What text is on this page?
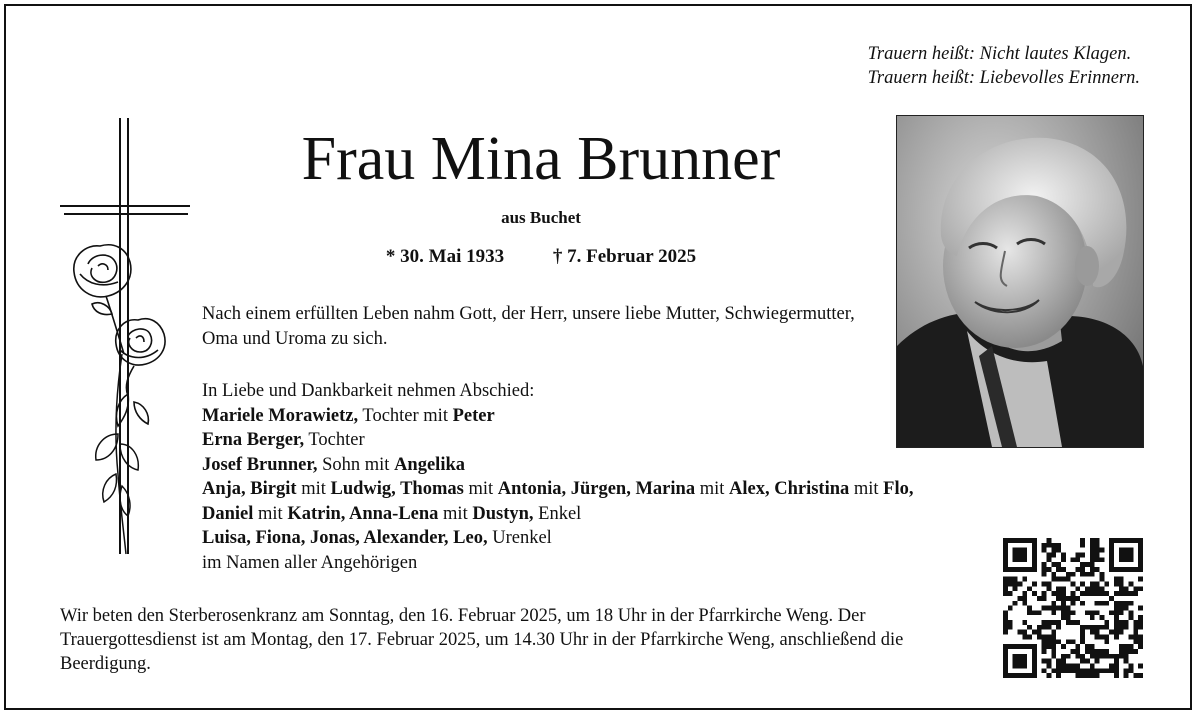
Trauern heißt: Nicht lautes Klagen.
Trauern heißt: Liebevolles Erinnern.
Frau Mina Brunner
aus Buchet
* 30. Mai 1933	† 7. Februar 2025
Nach einem erfüllten Leben nahm Gott, der Herr, unsere liebe Mutter, Schwiegermutter, Oma und Uroma zu sich.
In Liebe und Dankbarkeit nehmen Abschied:
Mariele Morawietz, Tochter mit Peter
Erna Berger, Tochter
Josef Brunner, Sohn mit Angelika
Anja, Birgit mit Ludwig, Thomas mit Antonia, Jürgen, Marina mit Alex, Christina mit Flo,
Daniel mit Katrin, Anna-Lena mit Dustyn, Enkel
Luisa, Fiona, Jonas, Alexander, Leo, Urenkel
im Namen aller Angehörigen
Wir beten den Sterberosenkranz am Sonntag, den 16. Februar 2025, um 18 Uhr in der Pfarrkirche Weng. Der Trauergottesdienst ist am Montag, den 17. Februar 2025, um 14.30 Uhr in der Pfarrkirche Weng, anschließend die Beerdigung.
